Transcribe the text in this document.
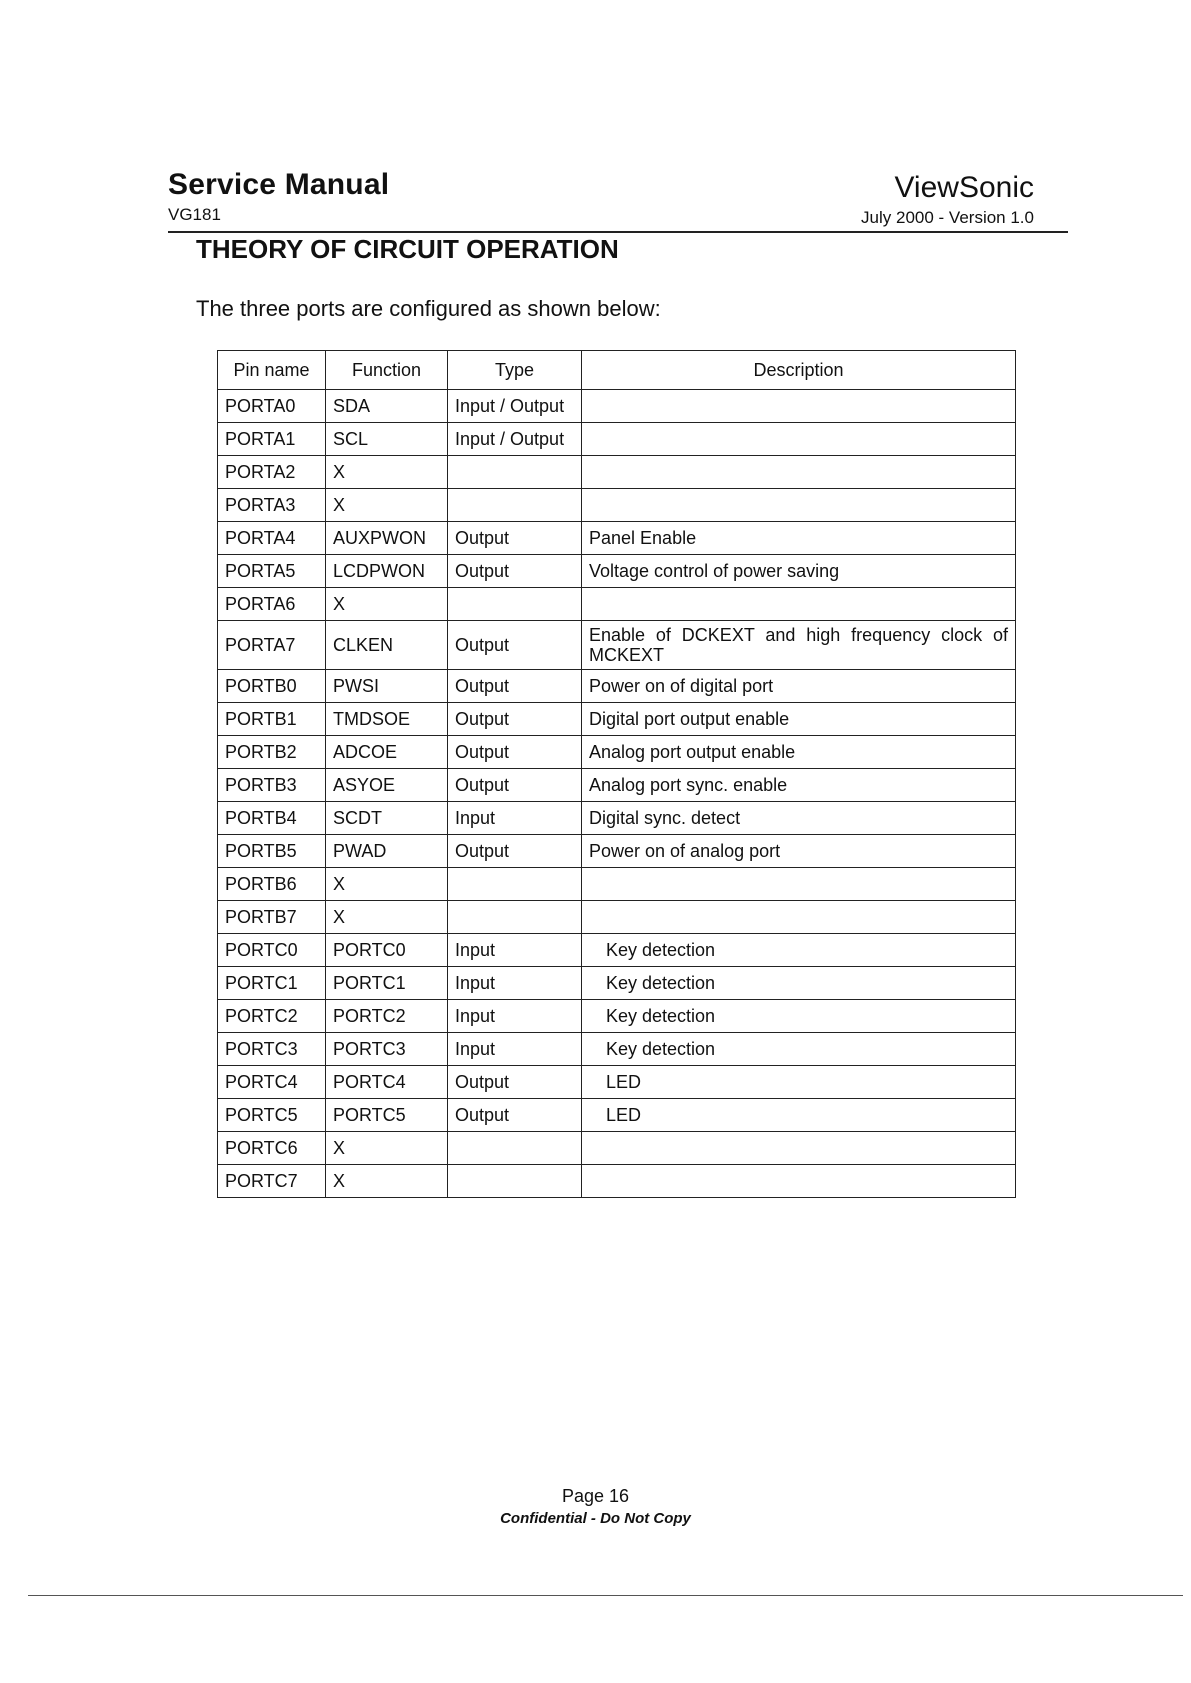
Service Manual
VG181
ViewSonic
July 2000 - Version 1.0
THEORY OF CIRCUIT OPERATION
The three ports are configured as shown below:
Pin name	Function	Type	Description
PORTA0	SDA	Input / Output	
PORTA1	SCL	Input / Output	
PORTA2	X		
PORTA3	X		
PORTA4	AUXPWON	Output	Panel Enable
PORTA5	LCDPWON	Output	Voltage control of power saving
PORTA6	X		
PORTA7	CLKEN	Output	Enable of DCKEXT and high frequency clock of MCKEXT
PORTB0	PWSI	Output	Power on of digital port
PORTB1	TMDSOE	Output	Digital port output enable
PORTB2	ADCOE	Output	Analog port output enable
PORTB3	ASYOE	Output	Analog port sync. enable
PORTB4	SCDT	Input	Digital sync. detect
PORTB5	PWAD	Output	Power on of analog port
PORTB6	X		
PORTB7	X		
PORTC0	PORTC0	Input	Key detection
PORTC1	PORTC1	Input	Key detection
PORTC2	PORTC2	Input	Key detection
PORTC3	PORTC3	Input	Key detection
PORTC4	PORTC4	Output	LED
PORTC5	PORTC5	Output	LED
PORTC6	X		
PORTC7	X		
Page 16
Confidential - Do Not Copy
